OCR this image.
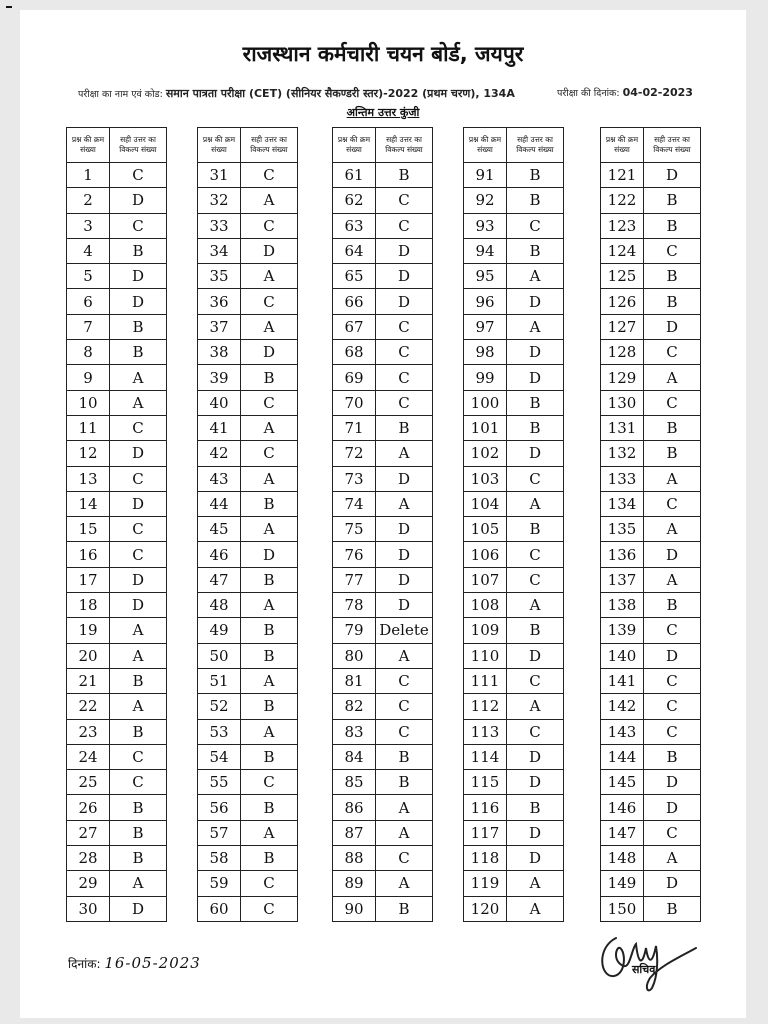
राजस्थान कर्मचारी चयन बोर्ड, जयपुर
परीक्षा का नाम एवं कोड: समान पात्रता परीक्षा (CET) (सीनियर सैकण्डरी स्तर)-2022 (प्रथम चरण), 134A	परीक्षा की दिनांक: 04-02-2023
अन्तिम उत्तर कुंजी
प्रश्न की क्रम संख्या	सही उत्तर का विकल्प संख्या
1	C
2	D
3	C
4	B
5	D
6	D
7	B
8	B
9	A
10	A
11	C
12	D
13	C
14	D
15	C
16	C
17	D
18	D
19	A
20	A
21	B
22	A
23	B
24	C
25	C
26	B
27	B
28	B
29	A
30	D
प्रश्न की क्रम संख्या	सही उत्तर का विकल्प संख्या
31	C
32	A
33	C
34	D
35	A
36	C
37	A
38	D
39	B
40	C
41	A
42	C
43	A
44	B
45	A
46	D
47	B
48	A
49	B
50	B
51	A
52	B
53	A
54	B
55	C
56	B
57	A
58	B
59	C
60	C
प्रश्न की क्रम संख्या	सही उत्तर का विकल्प संख्या
61	B
62	C
63	C
64	D
65	D
66	D
67	C
68	C
69	C
70	C
71	B
72	A
73	D
74	A
75	D
76	D
77	D
78	D
79	Delete
80	A
81	C
82	C
83	C
84	B
85	B
86	A
87	A
88	C
89	A
90	B
प्रश्न की क्रम संख्या	सही उत्तर का विकल्प संख्या
91	B
92	B
93	C
94	B
95	A
96	D
97	A
98	D
99	D
100	B
101	B
102	D
103	C
104	A
105	B
106	C
107	C
108	A
109	B
110	D
111	C
112	A
113	C
114	D
115	D
116	B
117	D
118	D
119	A
120	A
प्रश्न की क्रम संख्या	सही उत्तर का विकल्प संख्या
121	D
122	B
123	B
124	C
125	B
126	B
127	D
128	C
129	A
130	C
131	B
132	B
133	A
134	C
135	A
136	D
137	A
138	B
139	C
140	D
141	C
142	C
143	C
144	B
145	D
146	D
147	C
148	A
149	D
150	B
दिनांक: 16-05-2023	सचिव
